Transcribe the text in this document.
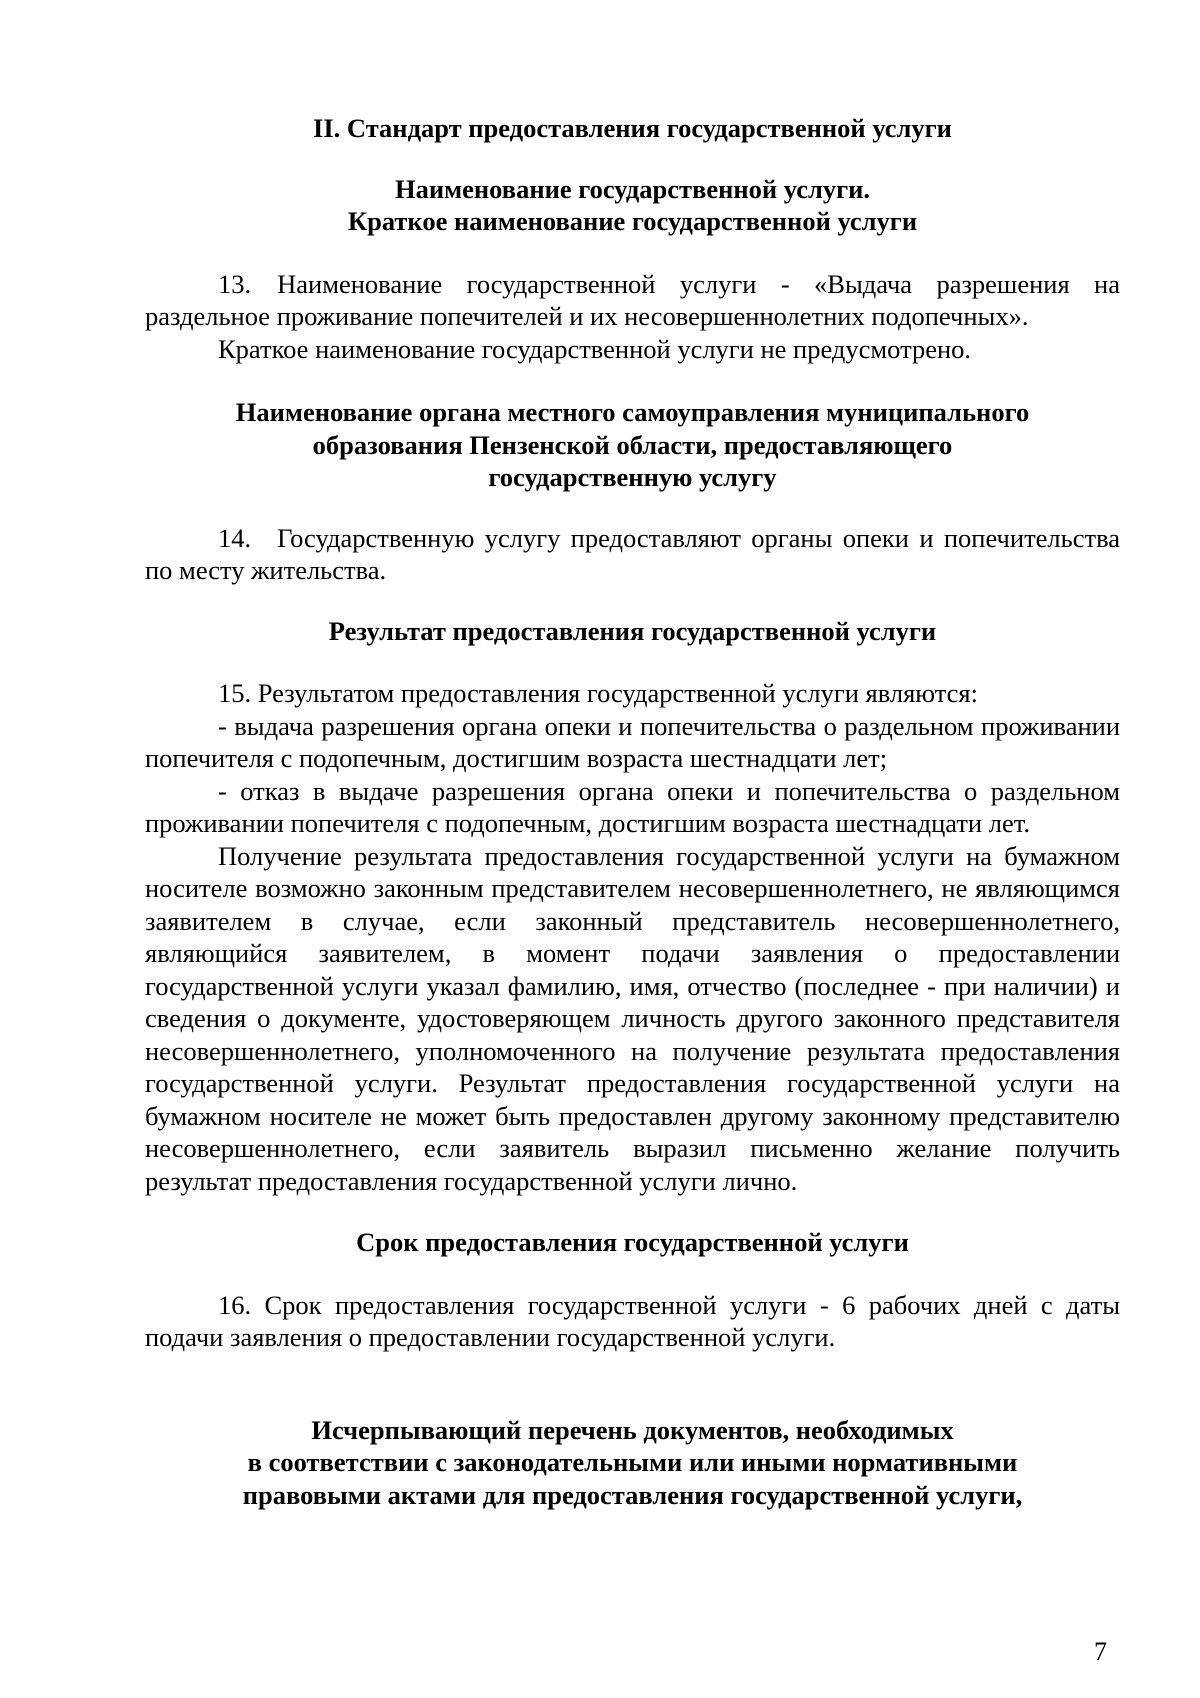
II. Стандарт предоставления государственной услуги

Наименование государственной услуги.
Краткое наименование государственной услуги

13. Наименование государственной услуги - «Выдача разрешения на раздельное проживание попечителей и их несовершеннолетних подопечных».

Краткое наименование государственной услуги не предусмотрено.

Наименование органа местного самоуправления муниципального
образования Пензенской области, предоставляющего
государственную услугу

14. Государственную услугу предоставляют органы опеки и попечительства по месту жительства.

Результат предоставления государственной услуги

15. Результатом предоставления государственной услуги являются:

- выдача разрешения органа опеки и попечительства о раздельном проживании попечителя с подопечным, достигшим возраста шестнадцати лет;

- отказ в выдаче разрешения органа опеки и попечительства о раздельном проживании попечителя с подопечным, достигшим возраста шестнадцати лет.

Получение результата предоставления государственной услуги на бумажном носителе возможно законным представителем несовершеннолетнего, не являющимся заявителем в случае, если законный представитель несовершеннолетнего, являющийся заявителем, в момент подачи заявления о предоставлении государственной услуги указал фамилию, имя, отчество (последнее - при наличии) и сведения о документе, удостоверяющем личность другого законного представителя несовершеннолетнего, уполномоченного на получение результата предоставления государственной услуги. Результат предоставления государственной услуги на бумажном носителе не может быть предоставлен другому законному представителю несовершеннолетнего, если заявитель выразил письменно желание получить результат предоставления государственной услуги лично.

Срок предоставления государственной услуги

16. Срок предоставления государственной услуги - 6 рабочих дней с даты подачи заявления о предоставлении государственной услуги.

Исчерпывающий перечень документов, необходимых
в соответствии с законодательными или иными нормативными
правовыми актами для предоставления государственной услуги,

7
